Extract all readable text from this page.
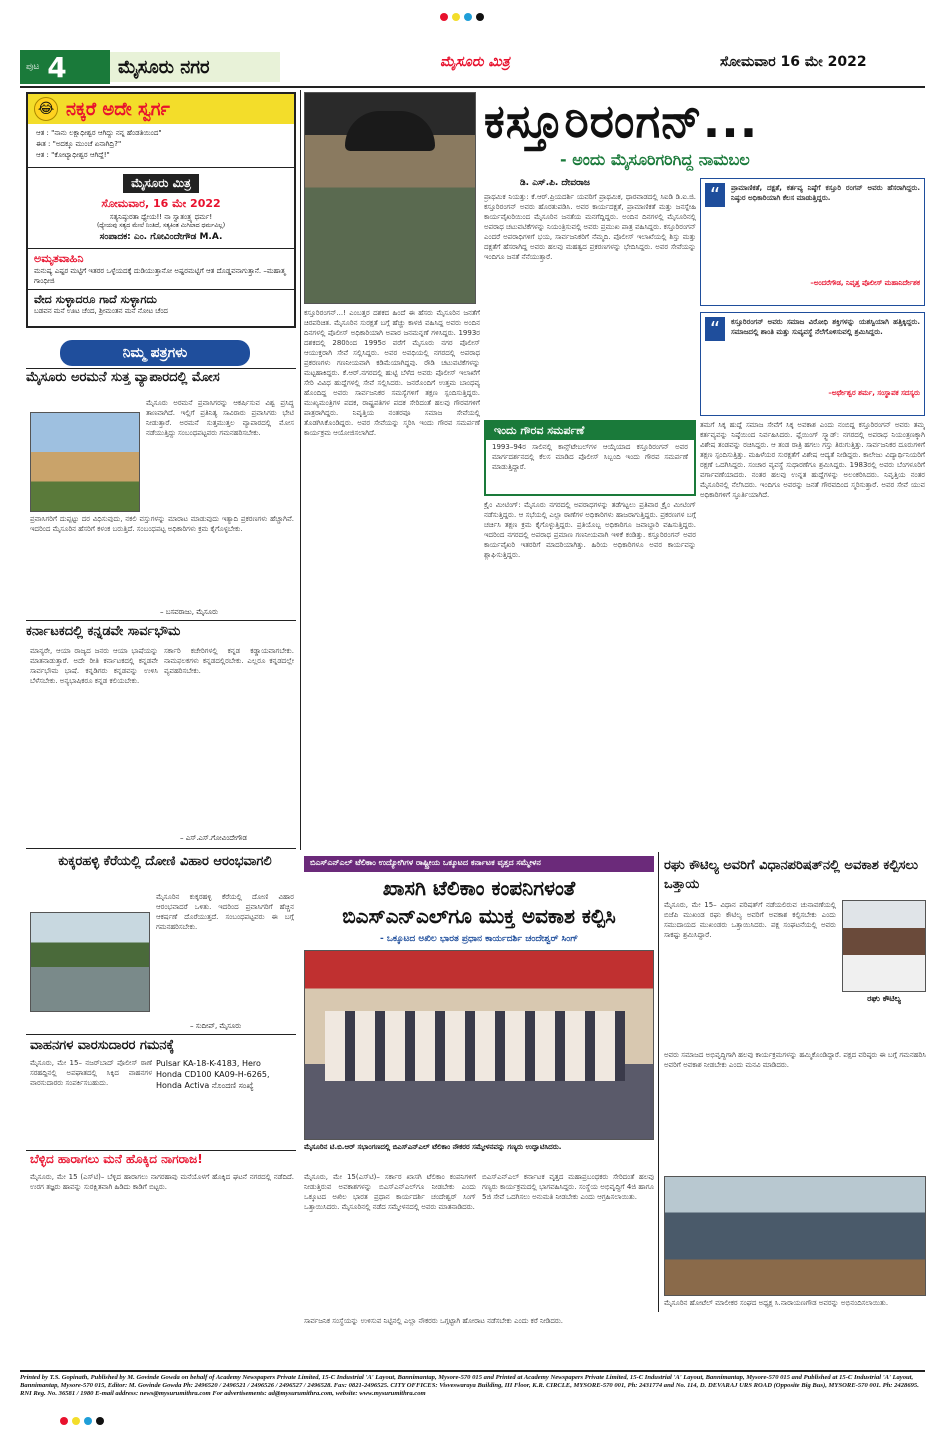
ಪುಟ 4	ಮೈಸೂರು ನಗರ	ಮೈಸೂರು ಮಿತ್ರ	ಸೋಮವಾರ 16 ಮೇ 2022
😂 ನಕ್ಕರೆ ಅದೇ ಸ್ವರ್ಗ
ಆತ : "ನಾನು ಲಕ್ಷಾಧೀಶ್ವರ ಆಗಿದ್ದು ನನ್ನ ಹೆಂಡತಿಯಿಂದ"
ಈತ : "ಅದಕ್ಕೂ ಮುಂಚೆ ಏನಾಗಿದ್ರಿ?"
ಆತ : "ಕೋಟ್ಯಾಧೀಶ್ವರ ಆಗಿದ್ದೆ!"
ಮೈಸೂರು ಮಿತ್ರ
ಸೋಮವಾರ, 16 ಮೇ 2022
ಸತ್ಯನಿಷ್ಠುರತಾ ಧ್ಯೇಯ!! ನಾ ಸ್ವಾತಂತ್ರ್ಯ ಧರ್ಮ!
(ಧ್ಯೇಯವು ಸತ್ಯದ ಮೇಲೆ ನಿಂತಿದೆ, ಸತ್ಯಕಿಂತ ಮಿಗಿಲಾದ ಧರ್ಮವಿಲ್ಲ)
ಸಂಪಾದಕ: ಎಂ. ಗೋವಿಂದೇಗೌಡ M.A.
ಅಮೃತವಾಹಿನಿ
ಮನುಷ್ಯ ಎಷ್ಟರ ಮಟ್ಟಿಗೆ ಇತರರ ಒಳ್ಳೆಯದಕ್ಕೆ ದುಡಿಯುತ್ತಾನೋ ಅಷ್ಟರಮಟ್ಟಿಗೆ ಆತ ದೊಡ್ಡವನಾಗುತ್ತಾನೆ. –ಮಹಾತ್ಮ ಗಾಂಧೀಜಿ
ವೇದ ಸುಳ್ಳಾದರೂ ಗಾದೆ ಸುಳ್ಳಾಗದು
ಬಡವನ ಮನೆ ಊಟ ಚೆಂದ, ಶ್ರೀಮಂತನ ಮನೆ ನೋಟ ಚೆಂದ
ನಿಮ್ಮ ಪತ್ರಗಳು
ಮೈಸೂರು ಅರಮನೆ ಸುತ್ತ ವ್ಯಾಪಾರದಲ್ಲಿ ಮೋಸ
ಮೈಸೂರು ಅರಮನೆ ಪ್ರವಾಸಿಗರನ್ನು ಆಕರ್ಷಿಸುವ ವಿಶ್ವ ಪ್ರಸಿದ್ಧ ತಾಣವಾಗಿದೆ. ಇಲ್ಲಿಗೆ ಪ್ರತಿನಿತ್ಯ ಸಾವಿರಾರು ಪ್ರವಾಸಿಗರು ಭೇಟಿ ನೀಡುತ್ತಾರೆ. ಅರಮನೆ ಸುತ್ತಮುತ್ತಲ ವ್ಯಾಪಾರದಲ್ಲಿ ಮೋಸ ನಡೆಯುತ್ತಿದ್ದು ಸಂಬಂಧಪಟ್ಟವರು ಗಮನಹರಿಸಬೇಕು.
ಪ್ರವಾಸಿಗರಿಗೆ ದುಪ್ಪಟ್ಟು ದರ ವಿಧಿಸುವುದು, ನಕಲಿ ವಸ್ತುಗಳನ್ನು ಮಾರಾಟ ಮಾಡುವುದು ಇತ್ಯಾದಿ ಪ್ರಕರಣಗಳು ಹೆಚ್ಚಾಗಿವೆ. ಇದರಿಂದ ಮೈಸೂರಿನ ಹೆಸರಿಗೆ ಕಳಂಕ ಬರುತ್ತಿದೆ. ಸಂಬಂಧಪಟ್ಟ ಅಧಿಕಾರಿಗಳು ಕ್ರಮ ಕೈಗೊಳ್ಳಬೇಕು.
– ಬಸವರಾಜು, ಮೈಸೂರು
ಕರ್ನಾಟಕದಲ್ಲಿ ಕನ್ನಡವೇ ಸಾರ್ವಭೌಮ
ಮಾನ್ಯರೇ, ಆಯಾ ರಾಜ್ಯದ ಜನರು ಆಯಾ ಭಾಷೆಯನ್ನು ಮಾತನಾಡುತ್ತಾರೆ. ಅದೇ ರೀತಿ ಕರ್ನಾಟಕದಲ್ಲಿ ಕನ್ನಡವೇ ಸಾರ್ವಭೌಮ ಭಾಷೆ. ಕನ್ನಡಿಗರು ಕನ್ನಡವನ್ನು ಉಳಿಸಿ ಬೆಳೆಸಬೇಕು. ಅನ್ಯಭಾಷಿಕರೂ ಕನ್ನಡ ಕಲಿಯಬೇಕು.
ಸರ್ಕಾರಿ ಕಚೇರಿಗಳಲ್ಲಿ ಕನ್ನಡ ಕಡ್ಡಾಯವಾಗಬೇಕು. ನಾಮಫಲಕಗಳು ಕನ್ನಡದಲ್ಲಿರಬೇಕು. ಎಲ್ಲರೂ ಕನ್ನಡದಲ್ಲೇ ವ್ಯವಹರಿಸಬೇಕು.
– ಎಸ್.ಎಸ್.ಗೋವಿಂದೇಗೌಡ
ಕುಕ್ಕರಹಳ್ಳಿ ಕೆರೆಯಲ್ಲಿ ದೋಣಿ ವಿಹಾರ ಆರಂಭವಾಗಲಿ
ಮೈಸೂರಿನ ಕುಕ್ಕರಹಳ್ಳಿ ಕೆರೆಯಲ್ಲಿ ದೋಣಿ ವಿಹಾರ ಆರಂಭವಾದರೆ ಒಳಿತು. ಇದರಿಂದ ಪ್ರವಾಸಿಗರಿಗೆ ಹೆಚ್ಚಿನ ಆಕರ್ಷಣೆ ದೊರೆಯುತ್ತದೆ. ಸಂಬಂಧಪಟ್ಟವರು ಈ ಬಗ್ಗೆ ಗಮನಹರಿಸಬೇಕು.
– ಸುದೀಪ್, ಮೈಸೂರು
ವಾಹನಗಳ ವಾರಸುದಾರರ ಗಮನಕ್ಕೆ
ಮೈಸೂರು, ಮೇ 15– ನಜರ್‌ಬಾದ್ ಪೊಲೀಸ್ ಠಾಣೆ ಸರಹದ್ದಿನಲ್ಲಿ ಅಪಘಾತದಲ್ಲಿ ಸಿಕ್ಕಿದ ವಾಹನಗಳ ವಾರಸುದಾರರು ಸಂಪರ್ಕಿಸಬಹುದು.
Pulsar KA-18-K-4183, Hero
Honda CD100 KA09-H-6265,
Honda Activa ನೊಂದಣಿ ಸಂಖ್ಯೆ
ಬೆಳ್ಳಿದ ಹಾರಾಗಲು ಮನೆ ಹೊಕ್ಕಿದ ನಾಗರಾಜ!
ಮೈಸೂರು, ಮೇ 15 (ಎಸ್‌ಟಿ)– ಬೆಳ್ಳಿದ ಹಾರಾಗಲು ನಾಗರಹಾವು ಮನೆಯೊಳಗೆ ಹೊಕ್ಕಿದ ಘಟನೆ ನಗರದಲ್ಲಿ ನಡೆದಿದೆ. ಉರಗ ತಜ್ಞರು ಹಾವನ್ನು ಸುರಕ್ಷಿತವಾಗಿ ಹಿಡಿದು ಕಾಡಿಗೆ ಬಿಟ್ಟರು.
ಕಸ್ತೂರಿರಂಗನ್...
- ಅಂದು ಮೈಸೂರಿಗರಿಗಿದ್ದ ನಾಮಬಲ
ಡಿ. ಎಸ್.ಪಿ. ದೇವರಾಜ
ಪ್ರಾಥಮಿಕ ನಿಯತ್ತು: ಕೆ.ಆರ್.ಪ್ರಿಯದರ್ಶಿ ಯವರಿಗೆ ಪ್ರಾಥಮಿಕ, ಧಾರವಾಡದಲ್ಲಿ ಸಿಐಡಿ ಡಿ.ಐ.ಜಿ. ಕಸ್ತೂರಿರಂಗನ್ ಅವರು ಹೊರತುಪಡಿಸಿ. ಅವರ ಕಾರ್ಯದಕ್ಷತೆ, ಪ್ರಾಮಾಣಿಕತೆ ಮತ್ತು ಜನಸ್ನೇಹಿ ಕಾರ್ಯವೈಖರಿಯಿಂದ ಮೈಸೂರಿನ ಜನತೆಯ ಮನಗೆದ್ದಿದ್ದರು. ಅಂದಿನ ದಿನಗಳಲ್ಲಿ ಮೈಸೂರಿನಲ್ಲಿ ಅಪರಾಧ ಚಟುವಟಿಕೆಗಳನ್ನು ನಿಯಂತ್ರಿಸುವಲ್ಲಿ ಅವರು ಪ್ರಮುಖ ಪಾತ್ರ ವಹಿಸಿದ್ದರು. ಕಸ್ತೂರಿರಂಗನ್ ಎಂದರೆ ಅಪರಾಧಿಗಳಿಗೆ ಭಯ, ಸಾರ್ವಜನಿಕರಿಗೆ ನೆಮ್ಮದಿ. ಪೊಲೀಸ್ ಇಲಾಖೆಯಲ್ಲಿ ಶಿಸ್ತು ಮತ್ತು ದಕ್ಷತೆಗೆ ಹೆಸರಾಗಿದ್ದ ಅವರು ಹಲವು ಮಹತ್ವದ ಪ್ರಕರಣಗಳನ್ನು ಭೇದಿಸಿದ್ದರು. ಅವರ ಸೇವೆಯನ್ನು ಇಂದಿಗೂ ಜನತೆ ನೆನೆಯುತ್ತಾರೆ.
“	ಪ್ರಾಮಾಣಿಕತೆ, ದಕ್ಷತೆ, ಕರ್ತವ್ಯ ನಿಷ್ಠೆಗೆ ಕಸ್ತೂರಿ ರಂಗನ್ ಅವರು ಹೆಸರಾಗಿದ್ದರು. ನಿಷ್ಠುರ ಅಧಿಕಾರಿಯಾಗಿ ಕೆಲಸ ಮಾಡುತ್ತಿದ್ದರು.
–ಅಂದರೆಗೌಡ, ನಿವೃತ್ತ ಪೊಲೀಸ್ ಮಹಾನಿರ್ದೇಶಕ
“	ಕಸ್ತೂರಿರಂಗನ್ ಅವರು ಸಮಾಜ ವಿರೋಧಿ ಶಕ್ತಿಗಳನ್ನು ಯಶಸ್ವಿಯಾಗಿ ಹತ್ತಿಕ್ಕಿದ್ದರು. ಸಮಾಜದಲ್ಲಿ ಶಾಂತಿ ಮತ್ತು ಸುವ್ಯವಸ್ಥೆ ನೆಲೆಗೊಳಿಸುವಲ್ಲಿ ಶ್ರಮಿಸಿದ್ದರು.
–ಅರ್ಥೇಶ್ವರ ಶರ್ಮ, ಸಂಸ್ಥಾಪಕ ಸದಸ್ಯರು
ಕಸ್ತೂರಿರಂಗನ್...! ಎಂಬತ್ತರ ದಶಕದ ಹಿಂದೆ ಈ ಹೆಸರು ಮೈಸೂರಿನ ಜನತೆಗೆ ಚಿರಪರಿಚಿತ. ಮೈಸೂರಿನ ಸುರಕ್ಷತೆ ಬಗ್ಗೆ ಹೆಚ್ಚು ಕಾಳಜಿ ವಹಿಸಿದ್ದ ಅವರು ಅಂದಿನ ದಿನಗಳಲ್ಲಿ ಪೊಲೀಸ್ ಅಧಿಕಾರಿಯಾಗಿ ಅಪಾರ ಜನಮನ್ನಣೆ ಗಳಿಸಿದ್ದರು. 1993ರ ದಶಕದಲ್ಲಿ 280ರಿಂದ 1995ರ ವರೆಗೆ ಮೈಸೂರು ನಗರ ಪೊಲೀಸ್ ಆಯುಕ್ತರಾಗಿ ಸೇವೆ ಸಲ್ಲಿಸಿದ್ದರು. ಅವರ ಅವಧಿಯಲ್ಲಿ ನಗರದಲ್ಲಿ ಅಪರಾಧ ಪ್ರಕರಣಗಳು ಗಣನೀಯವಾಗಿ ಕಡಿಮೆಯಾಗಿದ್ದವು. ರೌಡಿ ಚಟುವಟಿಕೆಗಳನ್ನು ಮಟ್ಟಹಾಕಿದ್ದರು. ಕೆ.ಆರ್.ನಗರದಲ್ಲಿ ಹುಟ್ಟಿ ಬೆಳೆದ ಅವರು ಪೊಲೀಸ್ ಇಲಾಖೆಗೆ ಸೇರಿ ವಿವಿಧ ಹುದ್ದೆಗಳಲ್ಲಿ ಸೇವೆ ಸಲ್ಲಿಸಿದರು. ಜನರೊಂದಿಗೆ ಉತ್ತಮ ಬಾಂಧವ್ಯ ಹೊಂದಿದ್ದ ಅವರು ಸಾರ್ವಜನಿಕರ ಸಮಸ್ಯೆಗಳಿಗೆ ತಕ್ಷಣ ಸ್ಪಂದಿಸುತ್ತಿದ್ದರು. ಮುಖ್ಯಮಂತ್ರಿಗಳ ಪದಕ, ರಾಷ್ಟ್ರಪತಿಗಳ ಪದಕ ಸೇರಿದಂತೆ ಹಲವು ಗೌರವಗಳಿಗೆ ಪಾತ್ರರಾಗಿದ್ದರು. ನಿವೃತ್ತಿಯ ನಂತರವೂ ಸಮಾಜ ಸೇವೆಯಲ್ಲಿ ತೊಡಗಿಸಿಕೊಂಡಿದ್ದರು. ಅವರ ಸೇವೆಯನ್ನು ಸ್ಮರಿಸಿ ಇಂದು ಗೌರವ ಸಮರ್ಪಣೆ ಕಾರ್ಯಕ್ರಮ ಆಯೋಜಿಸಲಾಗಿದೆ.
ಕ್ರೈಂ ಮೀಟಿಂಗ್: ಮೈಸೂರು ನಗರದಲ್ಲಿ ಅಪರಾಧಗಳನ್ನು ತಡೆಗಟ್ಟಲು ಪ್ರತಿವಾರ ಕ್ರೈಂ ಮೀಟಿಂಗ್ ನಡೆಸುತ್ತಿದ್ದರು. ಆ ಸಭೆಯಲ್ಲಿ ಎಲ್ಲಾ ಠಾಣೆಗಳ ಅಧಿಕಾರಿಗಳು ಹಾಜರಾಗುತ್ತಿದ್ದರು. ಪ್ರಕರಣಗಳ ಬಗ್ಗೆ ಚರ್ಚಿಸಿ ತಕ್ಷಣ ಕ್ರಮ ಕೈಗೊಳ್ಳುತ್ತಿದ್ದರು. ಪ್ರತಿಯೊಬ್ಬ ಅಧಿಕಾರಿಗೂ ಜವಾಬ್ದಾರಿ ವಹಿಸುತ್ತಿದ್ದರು. ಇದರಿಂದ ನಗರದಲ್ಲಿ ಅಪರಾಧ ಪ್ರಮಾಣ ಗಣನೀಯವಾಗಿ ಇಳಿಕೆ ಕಂಡಿತ್ತು. ಕಸ್ತೂರಿರಂಗನ್ ಅವರ ಕಾರ್ಯವೈಖರಿ ಇತರರಿಗೆ ಮಾದರಿಯಾಗಿತ್ತು. ಹಿರಿಯ ಅಧಿಕಾರಿಗಳೂ ಅವರ ಕಾರ್ಯವನ್ನು ಶ್ಲಾಘಿಸುತ್ತಿದ್ದರು.
ಇಂದು ಗೌರವ ಸಮರ್ಪಣೆ
1993–94ರ ಸಾಲಿನಲ್ಲಿ ಕಾನ್ಸ್‌ಟೇಬಲ್‌ಗಳ ಆಯ್ಕೆಯಾದ ಕಸ್ತೂರಿರಂಗನ್ ಅವರ ಮಾರ್ಗದರ್ಶನದಲ್ಲಿ ಕೆಲಸ ಮಾಡಿದ ಪೊಲೀಸ್ ಸಿಬ್ಬಂದಿ ಇಂದು ಗೌರವ ಸಮರ್ಪಣೆ ಮಾಡುತ್ತಿದ್ದಾರೆ.
ತಮಗೆ ಸಿಕ್ಕ ಹುದ್ದೆ ಸಮಾಜ ಸೇವೆಗೆ ಸಿಕ್ಕ ಅವಕಾಶ ಎಂದು ನಂಬಿದ್ದ ಕಸ್ತೂರಿರಂಗನ್ ಅವರು ತಮ್ಮ ಕರ್ತವ್ಯವನ್ನು ನಿಷ್ಠೆಯಿಂದ ನಿರ್ವಹಿಸಿದರು. ಫ್ಲೆಯಿಂಗ್ ಸ್ಕ್ವಾಡ್: ನಗರದಲ್ಲಿ ಅಪರಾಧ ನಿಯಂತ್ರಣಕ್ಕಾಗಿ ವಿಶೇಷ ತಂಡವನ್ನು ರಚಿಸಿದ್ದರು. ಆ ತಂಡ ರಾತ್ರಿ ಹಗಲು ಗಸ್ತು ತಿರುಗುತ್ತಿತ್ತು. ಸಾರ್ವಜನಿಕರ ದೂರುಗಳಿಗೆ ತಕ್ಷಣ ಸ್ಪಂದಿಸುತ್ತಿತ್ತು. ಮಹಿಳೆಯರ ಸುರಕ್ಷತೆಗೆ ವಿಶೇಷ ಆದ್ಯತೆ ನೀಡಿದ್ದರು. ಕಾಲೇಜು ವಿದ್ಯಾರ್ಥಿನಿಯರಿಗೆ ರಕ್ಷಣೆ ಒದಗಿಸಿದ್ದರು. ಸಂಚಾರ ವ್ಯವಸ್ಥೆ ಸುಧಾರಣೆಗೂ ಶ್ರಮಿಸಿದ್ದರು. 1983ರಲ್ಲಿ ಅವರು ಬೆಂಗಳೂರಿಗೆ ವರ್ಗಾವಣೆಯಾದರು. ನಂತರ ಹಲವು ಉನ್ನತ ಹುದ್ದೆಗಳನ್ನು ಅಲಂಕರಿಸಿದರು. ನಿವೃತ್ತಿಯ ನಂತರ ಮೈಸೂರಿನಲ್ಲಿ ನೆಲೆಸಿದರು. ಇಂದಿಗೂ ಅವರನ್ನು ಜನತೆ ಗೌರವದಿಂದ ಸ್ಮರಿಸುತ್ತಾರೆ. ಅವರ ಸೇವೆ ಯುವ ಅಧಿಕಾರಿಗಳಿಗೆ ಸ್ಫೂರ್ತಿಯಾಗಿದೆ.
ಬಿಎಸ್ಎನ್ಎಲ್ ಟೆಲಿಕಾಂ ಉದ್ಯೋಗಿಗಳ ರಾಷ್ಟ್ರೀಯ ಒಕ್ಕೂಟದ ಕರ್ನಾಟಕ ವೃತ್ತದ ಸಮ್ಮೇಳನ
ಖಾಸಗಿ ಟೆಲಿಕಾಂ ಕಂಪನಿಗಳಂತೆ
ಬಿಎಸ್ಎನ್ಎಲ್‌ಗೂ ಮುಕ್ತ ಅವಕಾಶ ಕಲ್ಪಿಸಿ
- ಒಕ್ಕೂಟದ ಅಖಿಲ ಭಾರತ ಪ್ರಧಾನ ಕಾರ್ಯದರ್ಶಿ ಚಂದೇಶ್ವರ್ ಸಿಂಗ್
ಮೈಸೂರಿನ ಟಿ.ಬಿ.ಆರ್ ಸಭಾಂಗಣದಲ್ಲಿ ಬಿಎಸ್ಎನ್ಎಲ್ ಟೆಲಿಕಾಂ ನೌಕರರ ಸಮ್ಮೇಳನವನ್ನು ಗಣ್ಯರು ಉದ್ಘಾಟಿಸಿದರು.
ಮೈಸೂರು, ಮೇ 15(ಎಸ್‌ಟಿ)– ಸರ್ಕಾರ ಖಾಸಗಿ ಟೆಲಿಕಾಂ ಕಂಪನಿಗಳಿಗೆ ನೀಡುತ್ತಿರುವ ಅವಕಾಶಗಳನ್ನು ಬಿಎಸ್ಎನ್ಎಲ್‌ಗೂ ನೀಡಬೇಕು ಎಂದು ಒಕ್ಕೂಟದ ಅಖಿಲ ಭಾರತ ಪ್ರಧಾನ ಕಾರ್ಯದರ್ಶಿ ಚಂದೇಶ್ವರ್ ಸಿಂಗ್ ಒತ್ತಾಯಿಸಿದರು. ಮೈಸೂರಿನಲ್ಲಿ ನಡೆದ ಸಮ್ಮೇಳನದಲ್ಲಿ ಅವರು ಮಾತನಾಡಿದರು.
ಬಿಎಸ್ಎನ್ಎಲ್ ಕರ್ನಾಟಕ ವೃತ್ತದ ಮಹಾಪ್ರಬಂಧಕರು ಸೇರಿದಂತೆ ಹಲವು ಗಣ್ಯರು ಕಾರ್ಯಕ್ರಮದಲ್ಲಿ ಭಾಗವಹಿಸಿದ್ದರು. ಸಂಸ್ಥೆಯ ಅಭಿವೃದ್ಧಿಗೆ 4ಜಿ ಹಾಗೂ 5ಜಿ ಸೇವೆ ಒದಗಿಸಲು ಅನುಮತಿ ನೀಡಬೇಕು ಎಂದು ಆಗ್ರಹಿಸಲಾಯಿತು.
ರಘು ಕೌಟಿಲ್ಯ ಅವರಿಗೆ ವಿಧಾನಪರಿಷತ್‌ನಲ್ಲಿ ಅವಕಾಶ ಕಲ್ಪಿಸಲು ಒತ್ತಾಯ
ಮೈಸೂರು, ಮೇ 15– ವಿಧಾನ ಪರಿಷತ್‌ಗೆ ನಡೆಯಲಿರುವ ಚುನಾವಣೆಯಲ್ಲಿ ಬಿಜೆಪಿ ಮುಖಂಡ ರಘು ಕೌಟಿಲ್ಯ ಅವರಿಗೆ ಅವಕಾಶ ಕಲ್ಪಿಸಬೇಕು ಎಂದು ಸಮುದಾಯದ ಮುಖಂಡರು ಒತ್ತಾಯಿಸಿದರು. ಪಕ್ಷ ಸಂಘಟನೆಯಲ್ಲಿ ಅವರು ಸಾಕಷ್ಟು ಶ್ರಮಿಸಿದ್ದಾರೆ.
ರಘು ಕೌಟಿಲ್ಯ
ಅವರು ಸಮಾಜದ ಅಭಿವೃದ್ಧಿಗಾಗಿ ಹಲವು ಕಾರ್ಯಕ್ರಮಗಳನ್ನು ಹಮ್ಮಿಕೊಂಡಿದ್ದಾರೆ. ಪಕ್ಷದ ವರಿಷ್ಠರು ಈ ಬಗ್ಗೆ ಗಮನಹರಿಸಿ ಅವರಿಗೆ ಅವಕಾಶ ನೀಡಬೇಕು ಎಂದು ಮನವಿ ಮಾಡಿದರು.
ಮೈಸೂರಿನ ಹೋಟೆಲ್ ಮಾಲೀಕರ ಸಂಘದ ಅಧ್ಯಕ್ಷ ಸಿ.ನಾರಾಯಣಗೌಡ ಅವರನ್ನು ಅಭಿನಂದಿಸಲಾಯಿತು.
ಸಾರ್ವಜನಿಕ ಸಂಸ್ಥೆಯನ್ನು ಉಳಿಸುವ ನಿಟ್ಟಿನಲ್ಲಿ ಎಲ್ಲಾ ನೌಕರರು ಒಗ್ಗಟ್ಟಾಗಿ ಹೋರಾಟ ನಡೆಸಬೇಕು ಎಂದು ಕರೆ ನೀಡಿದರು.
Printed by T.S. Gopinath, Published by M. Govinde Gowda on behalf of Academy Newspapers Private Limited, 15-C Industrial 'A' Layout, Bannimantap, Mysore-570 015 and Printed at Academy Newspapers Private Limited, 15-C Industrial 'A' Layout, Bannimantap, Mysore-570 015 and Published at 15-C Industrial 'A' Layout, Bannimantap, Mysore-570 015, Editor: M. Govinde Gowda Ph: 2496520 / 2496521 / 2496526 / 2496527 / 2496528. Fax: 0821-2496525. CITY OFFICES: Visveswaraya Building, III Floor, K.R. CIRCLE, MYSORE-570 001, Ph: 2431774 and No. 114, D. DEVARAJ URS ROAD (Opposite Big Bus), MYSORE-570 001. Ph: 2428695. RNI Reg. No. 36581 / 1980 E-mail address: news@mysurumithra.com For advertisements: ad@mysurumithra.com, website: www.mysurumithra.com
